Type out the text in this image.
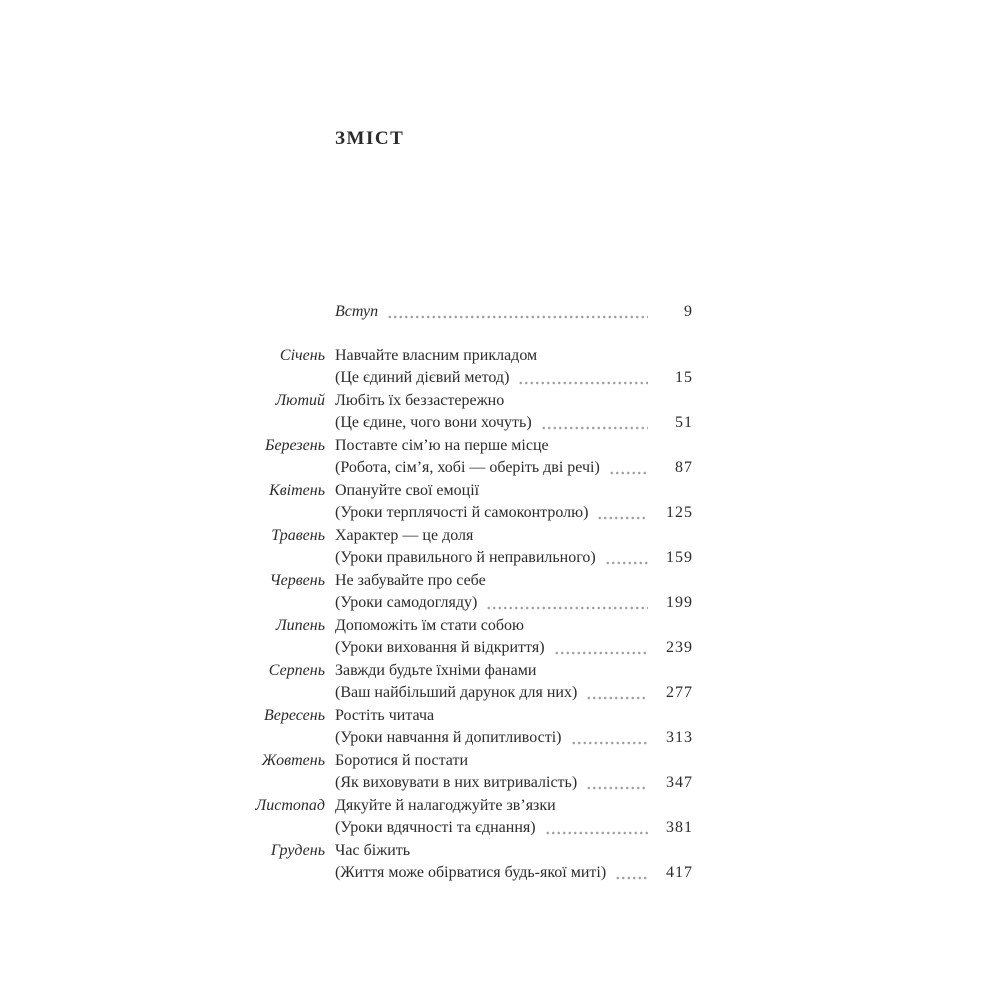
ЗМІСТ
Вступ	9
Січень Навчайте власним прикладом
(Це єдиний дієвий метод)	15
Лютий Любіть їх беззастережно
(Це єдине, чого вони хочуть)	51
Березень Поставте сім’ю на перше місце
(Робота, сім’я, хобі — оберіть дві речі)	87
Квітень Опануйте свої емоції
(Уроки терплячості й самоконтролю)	125
Травень Характер — це доля
(Уроки правильного й неправильного)	159
Червень Не забувайте про себе
(Уроки самодогляду)	199
Липень Допоможіть їм стати собою
(Уроки виховання й відкриття)	239
Серпень Завжди будьте їхніми фанами
(Ваш найбільший дарунок для них)	277
Вересень Ростіть читача
(Уроки навчання й допитливості)	313
Жовтень Боротися й постати
(Як виховувати в них витривалість)	347
Листопад Дякуйте й налагоджуйте зв’язки
(Уроки вдячності та єднання)	381
Грудень Час біжить
(Життя може обірватися будь-якої миті)	417
